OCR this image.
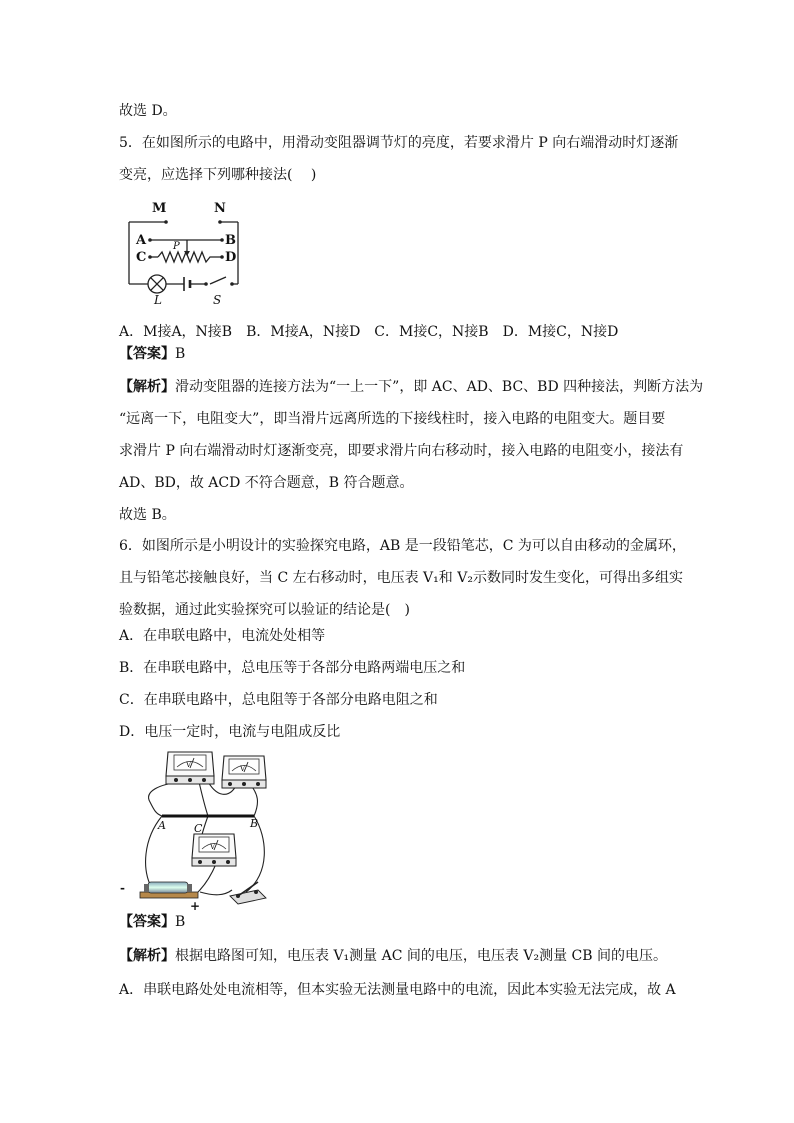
故选 D。
5．在如图所示的电路中，用滑动变阻器调节灯的亮度，若要求滑片 P 向右端滑动时灯逐渐
变亮，应选择下列哪种接法(　 )
M	N
A	B
C	D
P
L	S
A．M接A，N接B　B．M接A，N接D　C．M接C，N接B　D．M接C，N接D
【答案】B
【解析】滑动变阻器的连接方法为“一上一下”，即 AC、AD、BC、BD 四种接法，判断方法为
“远离一下，电阻变大”，即当滑片远离所选的下接线柱时，接入电路的电阻变大。题目要
求滑片 P 向右端滑动时灯逐渐变亮，即要求滑片向右移动时，接入电路的电阻变小，接法有
AD、BD，故 ACD 不符合题意，B 符合题意。
故选 B。
6．如图所示是小明设计的实验探究电路，AB 是一段铅笔芯，C 为可以自由移动的金属环，
且与铅笔芯接触良好，当 C 左右移动时，电压表 V₁和 V₂示数同时发生变化，可得出多组实
验数据，通过此实验探究可以验证的结论是(　)
A．在串联电路中，电流处处相等
B．在串联电路中，总电压等于各部分电路两端电压之和
C．在串联电路中，总电阻等于各部分电路电阻之和
D．电压一定时，电流与电阻成反比
V	V
V
A	C	B
-
+
【答案】B
【解析】根据电路图可知，电压表 V₁测量 AC 间的电压，电压表 V₂测量 CB 间的电压。
A．串联电路处处电流相等，但本实验无法测量电路中的电流，因此本实验无法完成，故 A
